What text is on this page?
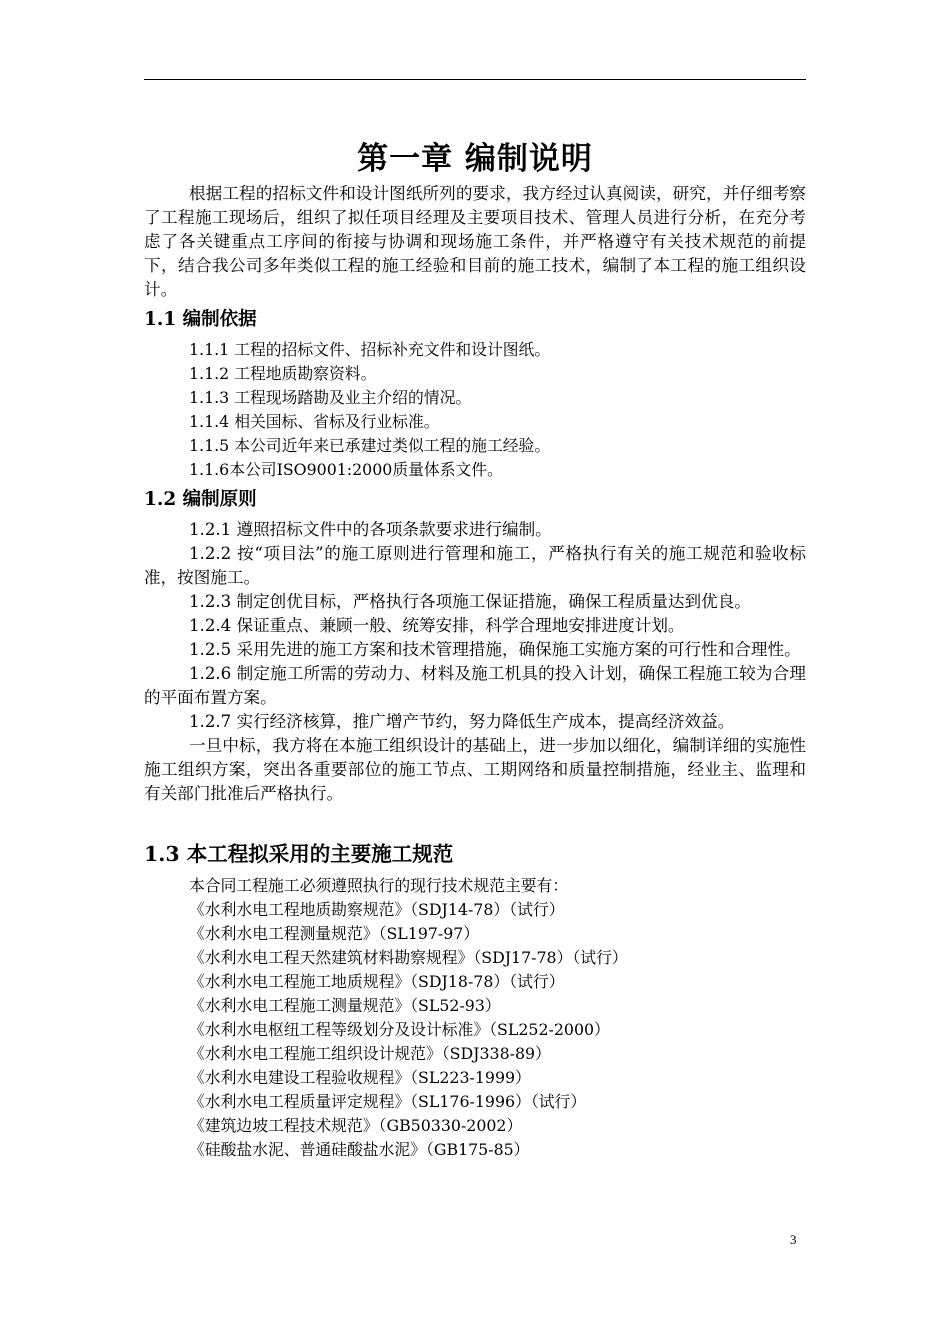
第一章 编制说明

根据工程的招标文件和设计图纸所列的要求，我方经过认真阅读，研究，并仔细考察了工程施工现场后，组织了拟任项目经理及主要项目技术、管理人员进行分析，在充分考虑了各关键重点工序间的衔接与协调和现场施工条件，并严格遵守有关技术规范的前提下，结合我公司多年类似工程的施工经验和目前的施工技术，编制了本工程的施工组织设计。

1.1 编制依据

1.1.1 工程的招标文件、招标补充文件和设计图纸。

1.1.2 工程地质勘察资料。

1.1.3 工程现场踏勘及业主介绍的情况。

1.1.4 相关国标、省标及行业标准。

1.1.5 本公司近年来已承建过类似工程的施工经验。

1.1.6本公司ISO9001:2000质量体系文件。

1.2 编制原则

1.2.1 遵照招标文件中的各项条款要求进行编制。

1.2.2 按“项目法”的施工原则进行管理和施工，严格执行有关的施工规范和验收标准，按图施工。

1.2.3 制定创优目标，严格执行各项施工保证措施，确保工程质量达到优良。

1.2.4 保证重点、兼顾一般、统筹安排，科学合理地安排进度计划。

1.2.5 采用先进的施工方案和技术管理措施，确保施工实施方案的可行性和合理性。

1.2.6 制定施工所需的劳动力、材料及施工机具的投入计划，确保工程施工较为合理的平面布置方案。

1.2.7 实行经济核算，推广增产节约，努力降低生产成本，提高经济效益。

一旦中标，我方将在本施工组织设计的基础上，进一步加以细化，编制详细的实施性施工组织方案，突出各重要部位的施工节点、工期网络和质量控制措施，经业主、监理和有关部门批准后严格执行。

1.3 本工程拟采用的主要施工规范

本合同工程施工必须遵照执行的现行技术规范主要有：

《水利水电工程地质勘察规范》（SDJ14-78）（试行）

《水利水电工程测量规范》（SL197-97）

《水利水电工程天然建筑材料勘察规程》（SDJ17-78）（试行）

《水利水电工程施工地质规程》（SDJ18-78）（试行）

《水利水电工程施工测量规范》（SL52-93）

《水利水电枢纽工程等级划分及设计标准》（SL252-2000）

《水利水电工程施工组织设计规范》（SDJ338-89）

《水利水电建设工程验收规程》（SL223-1999）

《水利水电工程质量评定规程》（SL176-1996）（试行）

《建筑边坡工程技术规范》（GB50330-2002）

《硅酸盐水泥、普通硅酸盐水泥》（GB175-85）

3
